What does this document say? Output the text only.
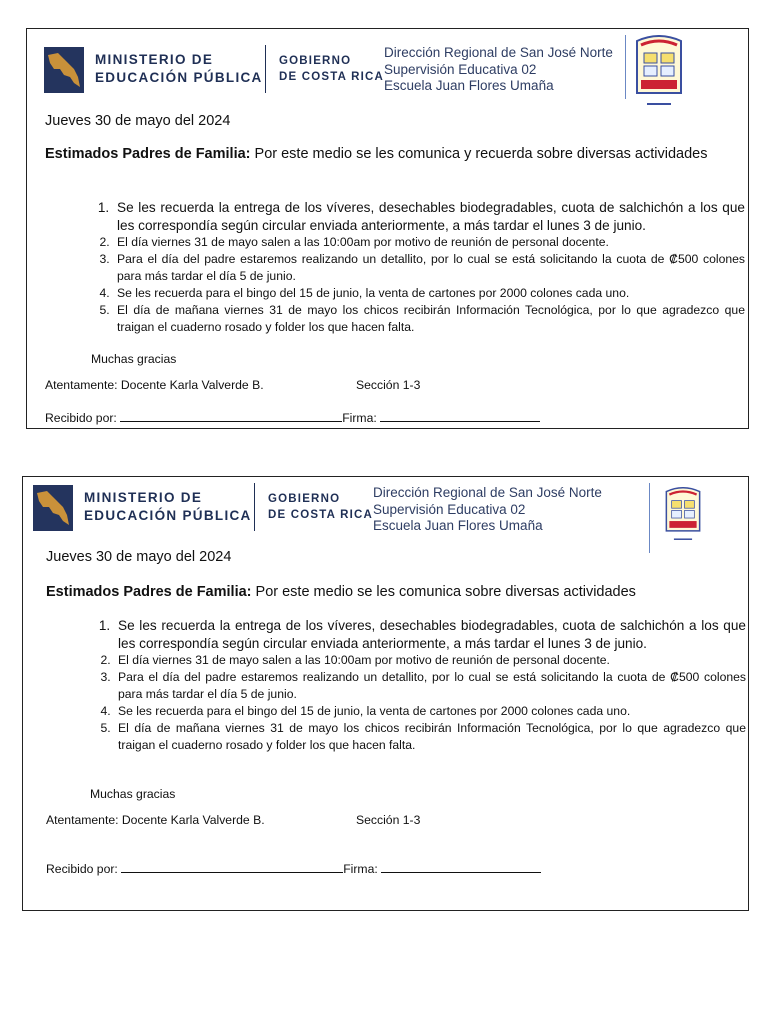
MINISTERIO DE
EDUCACIÓN PÚBLICA
GOBIERNO
DE COSTA RICA
Dirección Regional de San José Norte
Supervisión Educativa 02
Escuela Juan Flores Umaña
Jueves 30 de mayo del 2024
Estimados Padres de Familia: Por este medio se les comunica y recuerda sobre diversas actividades
1. Se les recuerda la entrega de los víveres, desechables biodegradables, cuota de salchichón a los que les correspondía según circular enviada anteriormente, a más tardar el lunes 3 de junio.
2. El día viernes 31 de mayo salen a las 10:00am por motivo de reunión de personal docente.
3. Para el día del padre estaremos realizando un detallito, por lo cual se está solicitando la cuota de ₡500 colones para más tardar el día 5 de junio.
4. Se les recuerda para el bingo del 15 de junio, la venta de cartones por 2000 colones cada uno.
5. El día de mañana viernes 31 de mayo los chicos recibirán Información Tecnológica, por lo que agradezco que traigan el cuaderno rosado y folder los que hacen falta.
Muchas gracias
Atentamente: Docente Karla Valverde B.	Sección 1-3
Recibido por:	Firma:
MINISTERIO DE
EDUCACIÓN PÚBLICA
GOBIERNO
DE COSTA RICA
Dirección Regional de San José Norte
Supervisión Educativa 02
Escuela Juan Flores Umaña
Jueves 30 de mayo del 2024
Estimados Padres de Familia: Por este medio se les comunica sobre diversas actividades
1. Se les recuerda la entrega de los víveres, desechables biodegradables, cuota de salchichón a los que les correspondía según circular enviada anteriormente, a más tardar el lunes 3 de junio.
2. El día viernes 31 de mayo salen a las 10:00am por motivo de reunión de personal docente.
3. Para el día del padre estaremos realizando un detallito, por lo cual se está solicitando la cuota de ₡500 colones para más tardar el día 5 de junio.
4. Se les recuerda para el bingo del 15 de junio, la venta de cartones por 2000 colones cada uno.
5. El día de mañana viernes 31 de mayo los chicos recibirán Información Tecnológica, por lo que agradezco que traigan el cuaderno rosado y folder los que hacen falta.
Muchas gracias
Atentamente: Docente Karla Valverde B.	Sección 1-3
Recibido por:	Firma:
